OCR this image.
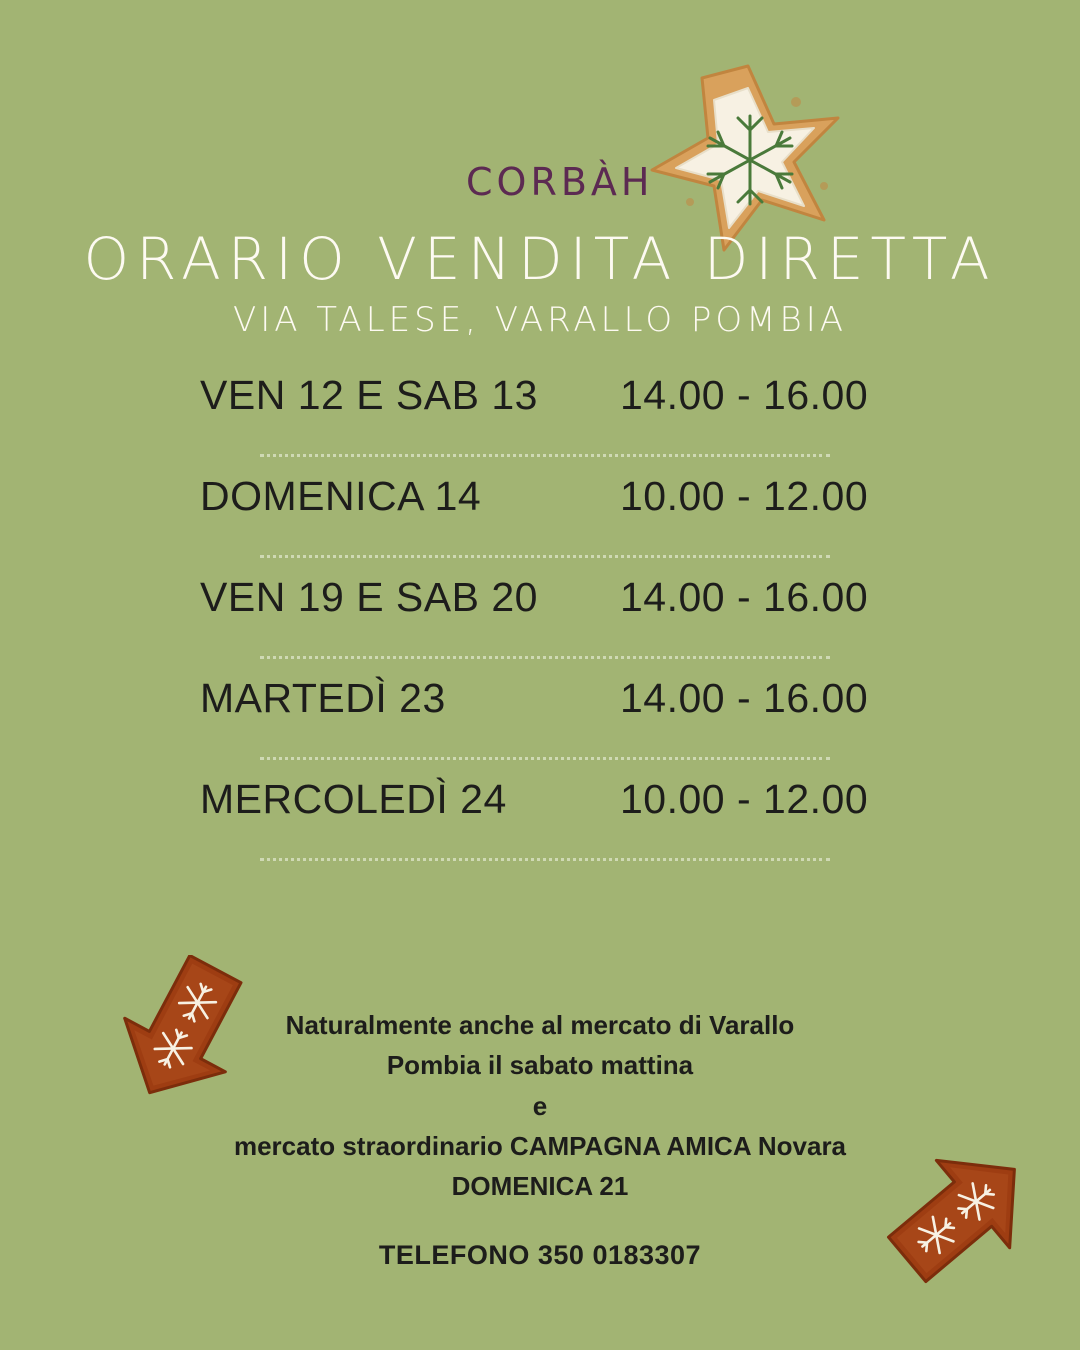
CORBÀH
ORARIO VENDITA DIRETTA
VIA TALESE, VARALLO POMBIA
VEN 12 E SAB 13	14.00 - 16.00
DOMENICA 14	10.00 - 12.00
VEN 19 E SAB 20	14.00 - 16.00
MARTEDÌ 23	14.00 - 16.00
MERCOLEDÌ 24	10.00 - 12.00
Naturalmente anche al mercato di Varallo
Pombia il sabato mattina
e
mercato straordinario CAMPAGNA AMICA Novara
DOMENICA 21
TELEFONO 350 0183307
